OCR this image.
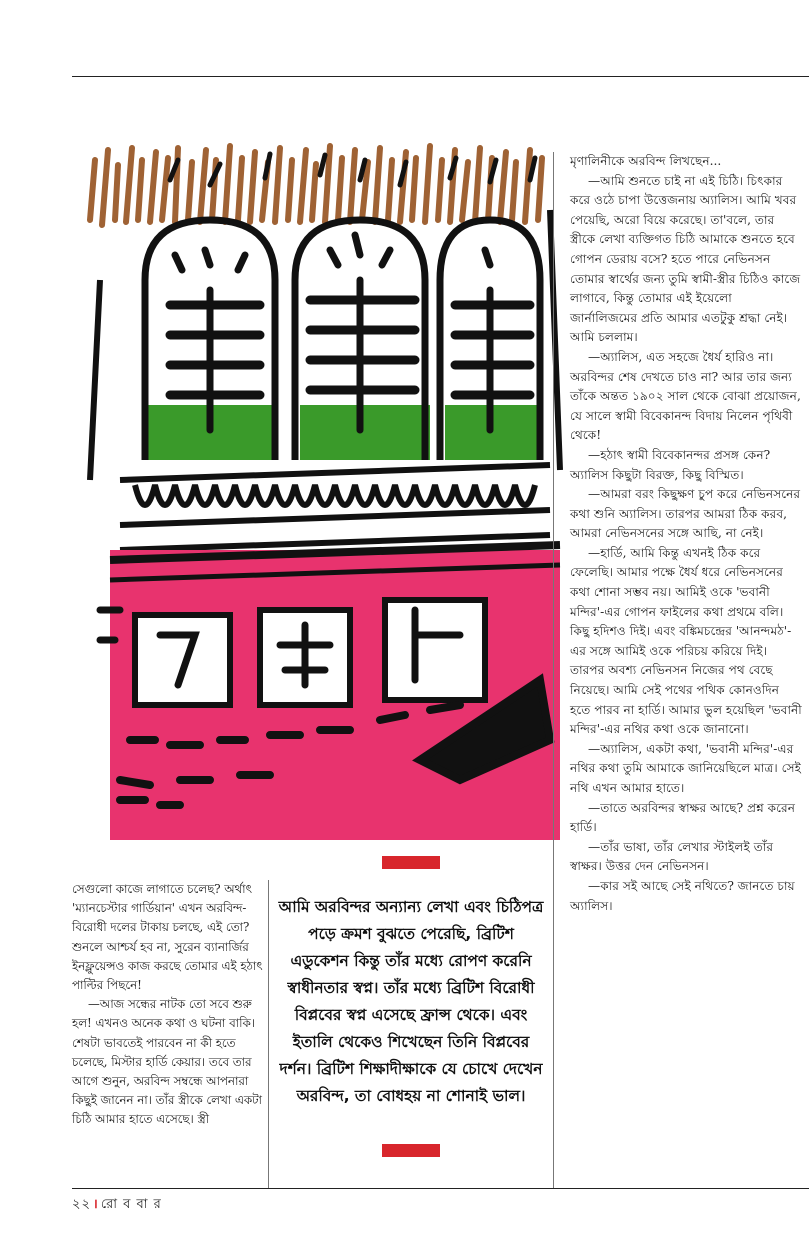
মৃণালিনীকে অরবিন্দ লিখছেন...

—আমি শুনতে চাই না এই চিঠি। চিৎকার করে ওঠে চাপা উত্তেজনায় অ্যালিস। আমি খবর পেয়েছি, অরো বিয়ে করেছে। তা'বলে, তার স্ত্রীকে লেখা ব্যক্তিগত চিঠি আমাকে শুনতে হবে গোপন ডেরায় বসে? হতে পারে নেভিনসন তোমার স্বার্থের জন্য তুমি স্বামী-স্ত্রীর চিঠিও কাজে লাগাবে, কিন্তু তোমার এই ইয়েলো জার্নালিজমের প্রতি আমার এতটুকু শ্রদ্ধা নেই। আমি চললাম।

—অ্যালিস, এত সহজে ধৈর্য হারিও না। অরবিন্দর শেষ দেখতে চাও না? আর তার জন্য তাঁকে অন্তত ১৯০২ সাল থেকে বোঝা প্রয়োজন, যে সালে স্বামী বিবেকানন্দ বিদায় নিলেন পৃথিবী থেকে!

—হঠাৎ স্বামী বিবেকানন্দর প্রসঙ্গ কেন? অ্যালিস কিছুটা বিরক্ত, কিছু বিস্মিত।

—আমরা বরং কিছুক্ষণ চুপ করে নেভিনসনের কথা শুনি অ্যালিস। তারপর আমরা ঠিক করব, আমরা নেভিনসনের সঙ্গে আছি, না নেই।

—হার্ডি, আমি কিন্তু এখনই ঠিক করে ফেলেছি। আমার পক্ষে ধৈর্য ধরে নেভিনসনের কথা শোনা সম্ভব নয়। আমিই ওকে 'ভবানী মন্দির'-এর গোপন ফাইলের কথা প্রথমে বলি। কিছু হদিশও দিই। এবং বঙ্কিমচন্দ্রের 'আনন্দমঠ'-এর সঙ্গে আমিই ওকে পরিচয় করিয়ে দিই। তারপর অবশ্য নেভিনসন নিজের পথ বেছে নিয়েছে। আমি সেই পথের পথিক কোনওদিন হতে পারব না হার্ডি। আমার ভুল হয়েছিল 'ভবানী মন্দির'-এর নথির কথা ওকে জানানো।

—অ্যালিস, একটা কথা, 'ভবানী মন্দির'-এর নথির কথা তুমি আমাকে জানিয়েছিলে মাত্র। সেই নথি এখন আমার হাতে।

—তাতে অরবিন্দর স্বাক্ষর আছে? প্রশ্ন করেন হার্ডি।

—তাঁর ভাষা, তাঁর লেখার স্টাইলই তাঁর স্বাক্ষর। উত্তর দেন নেভিনসন।

—কার সই আছে সেই নথিতে? জানতে চায় অ্যালিস।

সেগুলো কাজে লাগাতে চলেছ? অর্থাৎ 'ম্যানচেস্টার গার্ডিয়ান' এখন অরবিন্দ-বিরোধী দলের টাকায় চলছে, এই তো? শুনলে আশ্চর্য হব না, সুরেন ব্যানার্জির ইনফ্লুয়েন্সও কাজ করছে তোমার এই হঠাৎ পাল্টির পিছনে!

—আজ সন্ধের নাটক তো সবে শুরু হল! এখনও অনেক কথা ও ঘটনা বাকি। শেষটা ভাবতেই পারবেন না কী হতে চলেছে, মিস্টার হার্ডি কেয়ার। তবে তার আগে শুনুন, অরবিন্দ সম্বন্ধে আপনারা কিছুই জানেন না। তাঁর স্ত্রীকে লেখা একটা চিঠি আমার হাতে এসেছে। স্ত্রী

আমি অরবিন্দর অন্যান্য লেখা এবং চিঠিপত্র পড়ে ক্রমশ বুঝতে পেরেছি, ব্রিটিশ এডুকেশন কিন্তু তাঁর মধ্যে রোপণ করেনি স্বাধীনতার স্বপ্ন। তাঁর মধ্যে ব্রিটিশ বিরোধী বিপ্লবের স্বপ্ন এসেছে ফ্রান্স থেকে। এবং ইতালি থেকেও শিখেছেন তিনি বিপ্লবের দর্শন। ব্রিটিশ শিক্ষাদীক্ষাকে যে চোখে দেখেন অরবিন্দ, তা বোধহয় না শোনাই ভাল।
২২ । রো ব বা র
